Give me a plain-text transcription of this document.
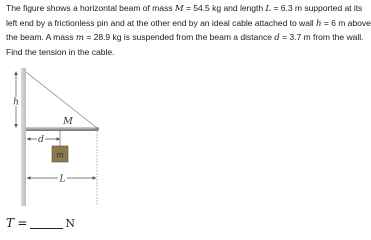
The figure shows a horizontal beam of mass M = 54.5 kg and length L = 6.3 m supported at its
left end by a frictionless pin and at the other end by an ideal cable attached to wall h = 6 m above
the beam. A mass m = 28.9 kg is suspended from the beam a distance d = 3.7 m from the wall.
Find the tension in the cable.
h
M
d
m
L
T =	N
